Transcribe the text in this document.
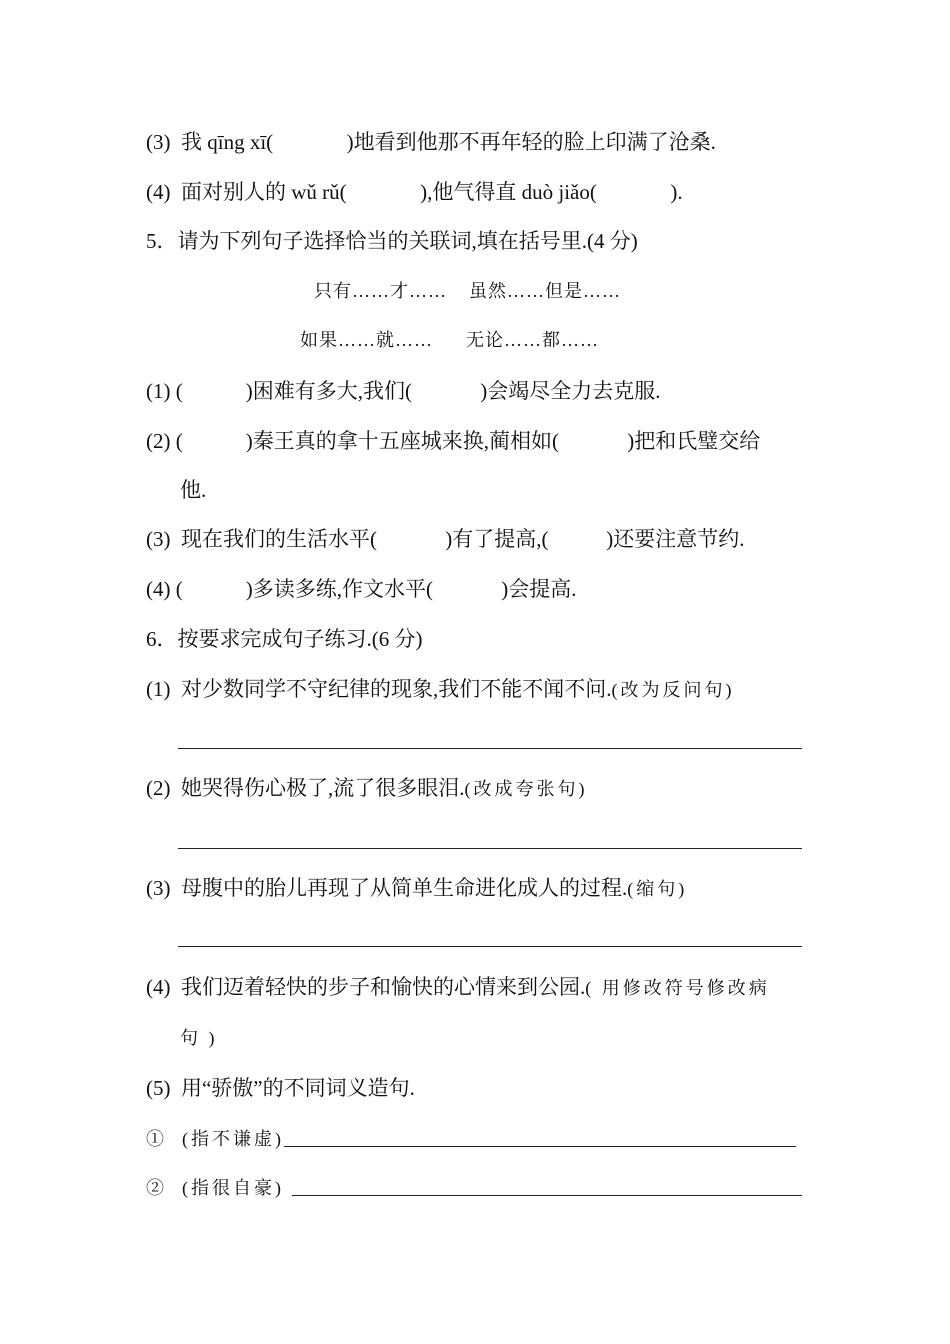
(3)  我 qīng xī(              )地看到他那不再年轻的脸上印满了沧桑.
(4)  面对别人的 wǔ rǔ(              ),他气得直 duò jiǎo(              ).
5．请为下列句子选择恰当的关联词,填在括号里.(4 分)
只有……才……    虽然……但是……
如果……就……      无论……都……
(1) (            )困难有多大,我们(             )会竭尽全力去克服.
(2) (            )秦王真的拿十五座城来换,蔺相如(             )把和氏璧交给
他.
(3)  现在我们的生活水平(             )有了提高,(           )还要注意节约.
(4) (            )多读多练,作文水平(             )会提高.
6．按要求完成句子练习.(6 分)
(1)  对少数同学不守纪律的现象,我们不能不闻不问.(改为反问句)
(2)  她哭得伤心极了,流了很多眼泪.(改成夸张句)
(3)  母腹中的胎儿再现了从简单生命进化成人的过程.(缩句)
(4)  我们迈着轻快的步子和愉快的心情来到公园.( 用修改符号修改病
句 )
(5)  用“骄傲”的不同词义造句.
①  (指不谦虚)
②  (指很自豪)
